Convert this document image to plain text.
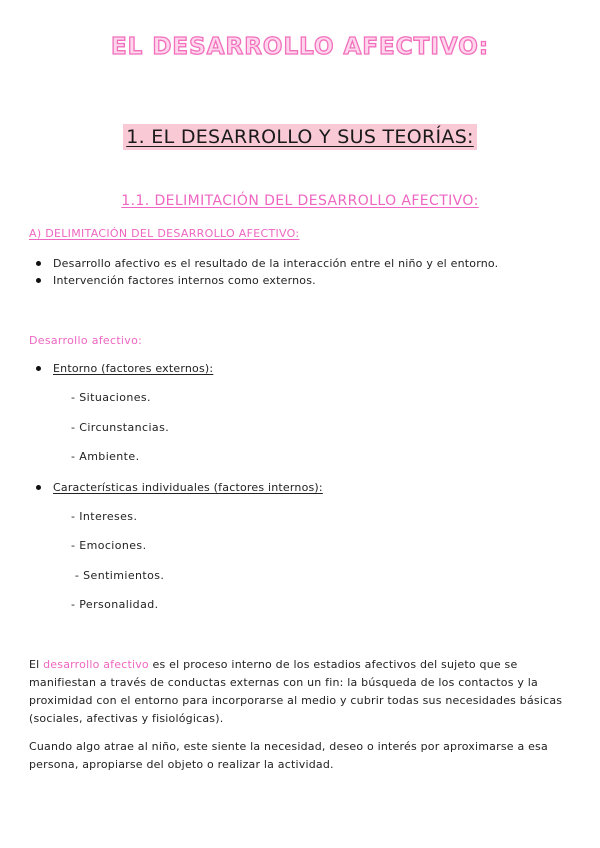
EL DESARROLLO AFECTIVO:
1. EL DESARROLLO Y SUS TEORÍAS:
1.1. DELIMITACIÓN DEL DESARROLLO AFECTIVO:
A) DELIMITACIÓN DEL DESARROLLO AFECTIVO:
Desarrollo afectivo es el resultado de la interacción entre el niño y el entorno.
Intervención factores internos como externos.
Desarrollo afectivo:
Entorno (factores externos):
- Situaciones.
- Circunstancias.
- Ambiente.
Características individuales (factores internos):
- Intereses.
- Emociones.
- Sentimientos.
- Personalidad.

El desarrollo afectivo es el proceso interno de los estadios afectivos del sujeto que se manifiestan a través de conductas externas con un fin: la búsqueda de los contactos y la proximidad con el entorno para incorporarse al medio y cubrir todas sus necesidades básicas (sociales, afectivas y fisiológicas).

Cuando algo atrae al niño, este siente la necesidad, deseo o interés por aproximarse a esa persona, apropiarse del objeto o realizar la actividad.
